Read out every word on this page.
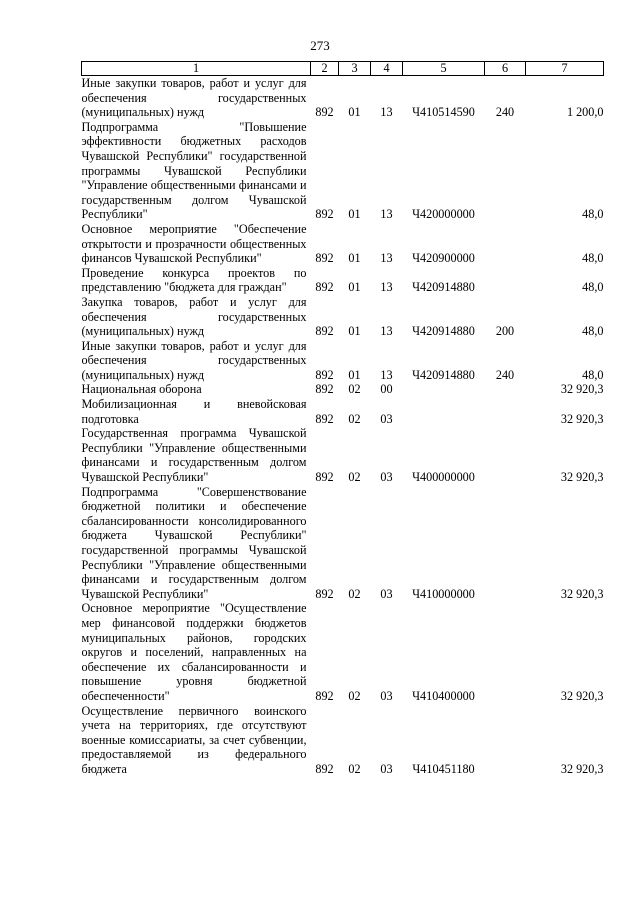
273
1	2	3	4	5	6	7
Иные закупки товаров, работ и услуг для обеспечения государственных (муниципальных) нужд	892	01	13	Ч410514590	240	1 200,0
Подпрограмма "Повышение эффективности бюджетных расходов Чувашской Республики" государственной программы Чувашской Республики "Управление общественными финансами и государственным долгом Чувашской Республики"	892	01	13	Ч420000000		48,0
Основное мероприятие "Обеспечение открытости и прозрачности общественных финансов Чувашской Республики"	892	01	13	Ч420900000		48,0
Проведение конкурса проектов по представлению "бюджета для граждан"	892	01	13	Ч420914880		48,0
Закупка товаров, работ и услуг для обеспечения государственных (муниципальных) нужд	892	01	13	Ч420914880	200	48,0
Иные закупки товаров, работ и услуг для обеспечения государственных (муниципальных) нужд	892	01	13	Ч420914880	240	48,0
Национальная оборона	892	02	00			32 920,3
Мобилизационная и вневойсковая подготовка	892	02	03			32 920,3
Государственная программа Чувашской Республики "Управление общественными финансами и государственным долгом Чувашской Республики"	892	02	03	Ч400000000		32 920,3
Подпрограмма "Совершенствование бюджетной политики и обеспечение сбалансированности консолидированного бюджета Чувашской Республики" государственной программы Чувашской Республики "Управление общественными финансами и государственным долгом Чувашской Республики"	892	02	03	Ч410000000		32 920,3
Основное мероприятие "Осуществление мер финансовой поддержки бюджетов муниципальных районов, городских округов и поселений, направленных на обеспечение их сбалансированности и повышение уровня бюджетной обеспеченности"	892	02	03	Ч410400000		32 920,3
Осуществление первичного воинского учета на территориях, где отсутствуют военные комиссариаты, за счет субвенции, предоставляемой из федерального бюджета	892	02	03	Ч410451180		32 920,3
